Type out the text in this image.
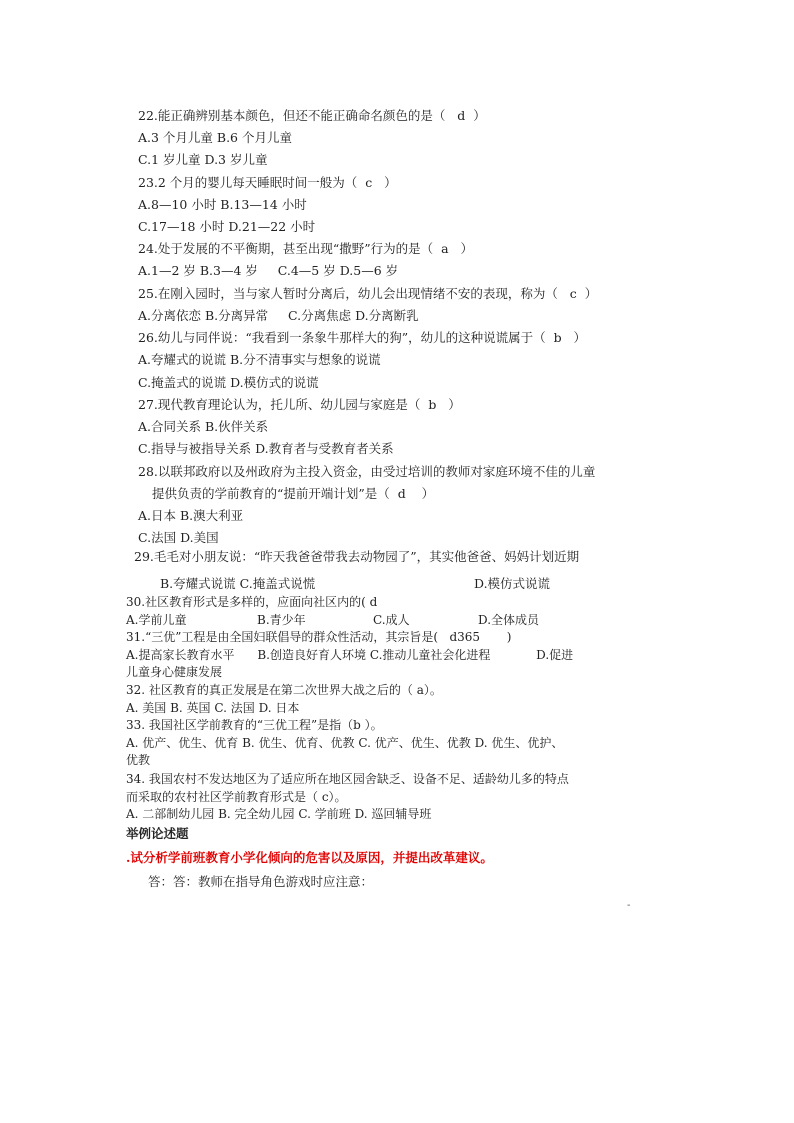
22.能正确辨别基本颜色，但还不能正确命名颜色的是（   d  ）
A.3 个月儿童 B.6 个月儿童
C.1 岁儿童 D.3 岁儿童
23.2 个月的婴儿每天睡眠时间一般为（  c   ）
A.8—10 小时 B.13—14 小时
C.17—18 小时 D.21—22 小时
24.处于发展的不平衡期，甚至出现“撒野”行为的是（  a   ）
A.1—2 岁 B.3—4 岁     C.4—5 岁 D.5—6 岁
25.在刚入园时，当与家人暂时分离后，幼儿会出现情绪不安的表现，称为（   c  ）
A.分离依恋 B.分离异常     C.分离焦虑 D.分离断乳
26.幼儿与同伴说：“我看到一条象牛那样大的狗”，幼儿的这种说谎属于（  b   ）
A.夸耀式的说谎 B.分不清事实与想象的说谎
C.掩盖式的说谎 D.模仿式的说谎
27.现代教育理论认为，托儿所、幼儿园与家庭是（  b   ）
A.合同关系 B.伙伴关系
C.指导与被指导关系 D.教育者与受教育者关系
28.以联邦政府以及州政府为主投入资金，由受过培训的教师对家庭环境不佳的儿童
提供负责的学前教育的“提前开端计划”是（  d    ）
A.日本 B.澳大利亚
C.法国 D.美国
29.毛毛对小朋友说：“昨天我爸爸带我去动物园了”，其实他爸爸、妈妈计划近期
B.夸耀式说谎 C.掩盖式说慌	D.模仿式说谎
30.社区教育形式是多样的，应面向社区内的( d
A.学前儿童	B.青少年	C.成人	D.全体成员
31.“三优”工程是由全国妇联倡导的群众性活动，其宗旨是(   d365       )
A.提高家长教育水平      B.创造良好育人环境 C.推动儿童社会化进程            D.促进
儿童身心健康发展
32. 社区教育的真正发展是在第二次世界大战之后的（ a）。
A. 美国 B. 英国 C. 法国 D. 日本
33. 我国社区学前教育的“三优工程”是指（b ）。
A. 优产、优生、优育 B. 优生、优育、优教 C. 优产、优生、优教 D. 优生、优护、
优教
34. 我国农村不发达地区为了适应所在地区园舍缺乏、设备不足、适龄幼儿多的特点
而采取的农村社区学前教育形式是（ c）。
A. 二部制幼儿园 B. 完全幼儿园 C. 学前班 D. 巡回辅导班
举例论述题
.试分析学前班教育小学化倾向的危害以及原因，并提出改革建议。
答：答：教师在指导角色游戏时应注意：
-
